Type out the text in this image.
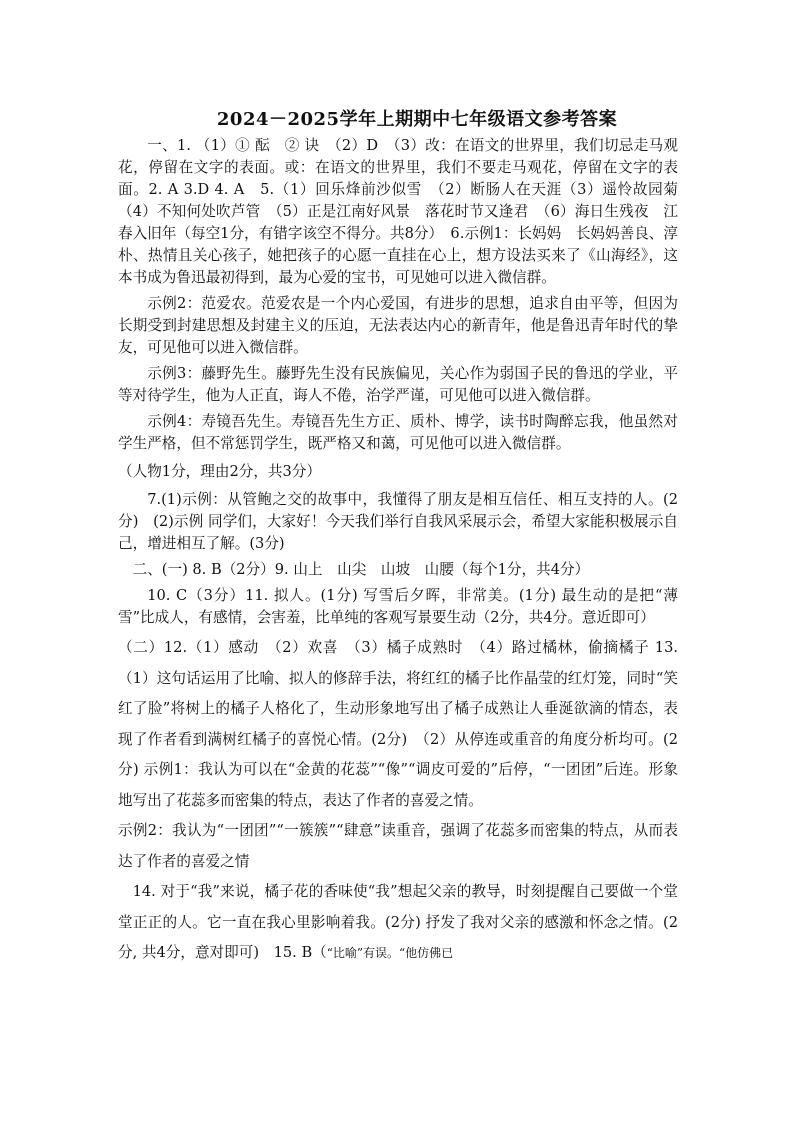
2024－2025学年上期期中七年级语文参考答案

一、1. （1）① 酝　② 诀　（2）D　（3）改：在语文的世界里，我们切忌走马观花，停留在文字的表面。或：在语文的世界里，我们不要走马观花，停留在文字的表面。2. A 3.D 4. A　5.（1）回乐烽前沙似雪　（2）断肠人在天涯（3）遥怜故园菊　（4）不知何处吹芦管　（5）正是江南好风景　落花时节又逢君　（6）海日生残夜　江春入旧年（每空1分，有错字该空不得分。共8分）　6.示例1：长妈妈　长妈妈善良、淳朴、热情且关心孩子，她把孩子的心愿一直挂在心上，想方设法买来了《山海经》，这本书成为鲁迅最初得到，最为心爱的宝书，可见她可以进入微信群。

示例2：范爱农。范爱农是一个内心爱国，有进步的思想，追求自由平等，但因为长期受到封建思想及封建主义的压迫，无法表达内心的新青年，他是鲁迅青年时代的挚友，可见他可以进入微信群。

示例3：藤野先生。藤野先生没有民族偏见，关心作为弱国子民的鲁迅的学业，平等对待学生，他为人正直，诲人不倦，治学严谨，可见他可以进入微信群。

示例4：寿镜吾先生。寿镜吾先生方正、质朴、博学，读书时陶醉忘我，他虽然对学生严格，但不常惩罚学生，既严格又和蔼，可见他可以进入微信群。

（人物1分，理由2分，共3分）

7.(1)示例：从管鲍之交的故事中，我懂得了朋友是相互信任、相互支持的人。(2分)　(2)示例 同学们，大家好！今天我们举行自我风采展示会，希望大家能积极展示自己，增进相互了解。(3分)

二、(一) 8. B（2分）9. 山上　山尖　山坡　山腰（每个1分，共4分）

10. C（3分）11. 拟人。(1分) 写雪后夕晖，非常美。(1分) 最生动的是把“薄雪”比成人，有感情，会害羞，比单纯的客观写景要生动（2分，共4分。意近即可）

（二）12.（1）感动　（2）欢喜　（3）橘子成熟时　（4）路过橘林，偷摘橘子 13.（1）这句话运用了比喻、拟人的修辞手法，将红红的橘子比作晶莹的红灯笼，同时“笑红了脸”将树上的橘子人格化了，生动形象地写出了橘子成熟让人垂涎欲滴的情态，表现了作者看到满树红橘子的喜悦心情。(2分)　（2）从停连或重音的角度分析均可。(2分) 示例1：我认为可以在“金黄的花蕊”“像”“调皮可爱的”后停，“一团团”后连。形象地写出了花蕊多而密集的特点，表达了作者的喜爱之情。

示例2：我认为“一团团”“一簇簇”“肆意”读重音，强调了花蕊多而密集的特点，从而表达了作者的喜爱之情

14. 对于“我”来说，橘子花的香味使“我”想起父亲的教导，时刻提醒自己要做一个堂堂正正的人。它一直在我心里影响着我。(2分) 抒发了我对父亲的感激和怀念之情。(2分, 共4分，意对即可)　15. B（“比喻”有误。“他仿佛已
